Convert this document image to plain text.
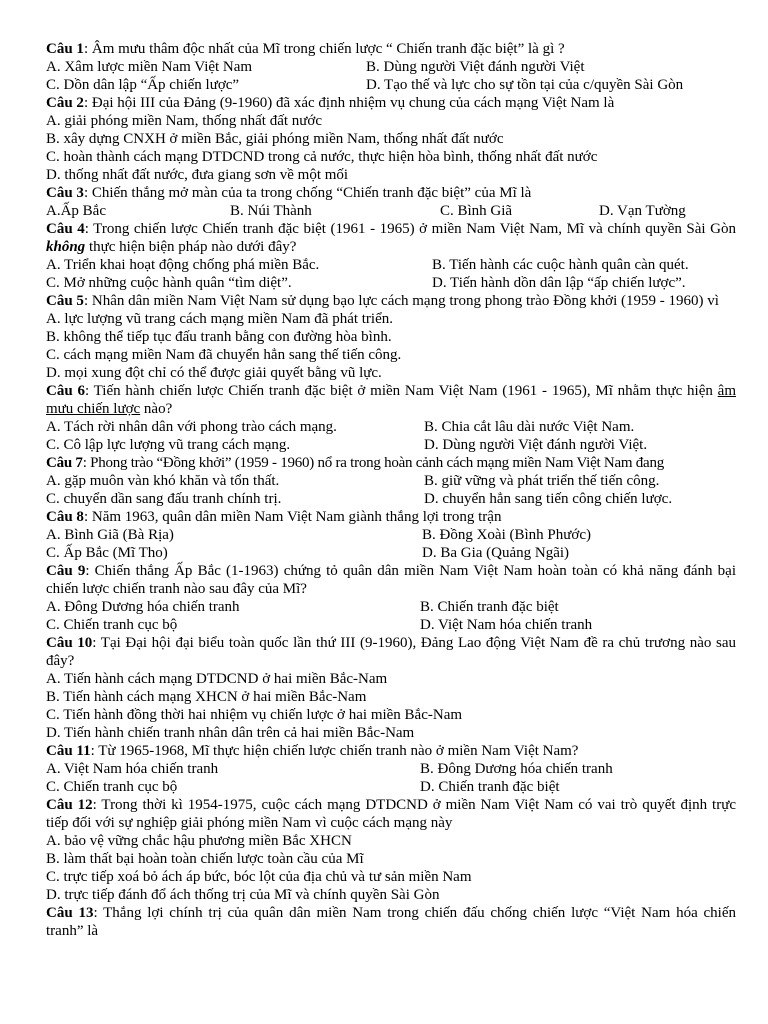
Câu 1: Âm mưu thâm độc nhất của Mĩ trong chiến lược “ Chiến tranh đặc biệt” là gì ?
A. Xâm lược miền Nam Việt Nam	B. Dùng người Việt đánh người Việt
C. Dồn dân lập “Ấp chiến lược”	D. Tạo thế và lực cho sự tồn tại của c/quyền Sài Gòn
Câu 2: Đại hội III của Đảng (9-1960) đã xác định nhiệm vụ chung của cách mạng Việt Nam là
A. giải phóng miền Nam, thống nhất đất nước
B. xây dựng CNXH ở miền Bắc, giải phóng miền Nam, thống nhất đất nước
C. hoàn thành cách mạng DTDCND trong cả nước, thực hiện hòa bình, thống nhất đất nước
D. thống nhất đất nước, đưa giang sơn về một mối
Câu 3: Chiến thắng mở màn của ta trong chống “Chiến tranh đặc biệt” của Mĩ là
A.Ấp Bắc	B. Núi Thành	C. Bình Giã	D. Vạn Tường
Câu 4: Trong chiến lược Chiến tranh đặc biệt (1961 - 1965) ở miền Nam Việt Nam, Mĩ và chính quyền Sài Gòn không thực hiện biện pháp nào dưới đây?
A. Triển khai hoạt động chống phá miền Bắc.	B. Tiến hành các cuộc hành quân càn quét.
C. Mở những cuộc hành quân “tìm diệt”.	D. Tiến hành dồn dân lập “ấp chiến lược”.
Câu 5: Nhân dân miền Nam Việt Nam sử dụng bạo lực cách mạng trong phong trào Đồng khởi (1959 - 1960) vì
A. lực lượng vũ trang cách mạng miền Nam đã phát triển.
B. không thể tiếp tục đấu tranh bằng con đường hòa bình.
C. cách mạng miền Nam đã chuyển hẳn sang thế tiến công.
D. mọi xung đột chỉ có thể được giải quyết bằng vũ lực.
Câu 6: Tiến hành chiến lược Chiến tranh đặc biệt ở miền Nam Việt Nam (1961 - 1965), Mĩ nhằm thực hiện âm mưu chiến lược nào?
A. Tách rời nhân dân với phong trào cách mạng.	B. Chia cắt lâu dài nước Việt Nam.
C. Cô lập lực lượng vũ trang cách mạng.	D. Dùng người Việt đánh người Việt.
Câu 7: Phong trào “Đồng khởi” (1959 - 1960) nổ ra trong hoàn cảnh cách mạng miền Nam Việt Nam đang
A. gặp muôn vàn khó khăn và tổn thất.	B. giữ vững và phát triển thế tiến công.
C. chuyển dần sang đấu tranh chính trị.	D. chuyển hẳn sang tiến công chiến lược.
Câu 8: Năm 1963, quân dân miền Nam Việt Nam giành thắng lợi trong trận
A. Bình Giã (Bà Rịa)	B. Đồng Xoài (Bình Phước)
C. Ấp Bắc (Mĩ Tho)	D. Ba Gia (Quảng Ngãi)
Câu 9: Chiến thắng Ấp Bắc (1-1963) chứng tỏ quân dân miền Nam Việt Nam hoàn toàn có khả năng đánh bại chiến lược chiến tranh nào sau đây của Mĩ?
A. Đông Dương hóa chiến tranh	B. Chiến tranh đặc biệt
C. Chiến tranh cục bộ	D. Việt Nam hóa chiến tranh
Câu 10: Tại Đại hội đại biểu toàn quốc lần thứ III (9-1960), Đảng Lao động Việt Nam đề ra chủ trương nào sau đây?
A. Tiến hành cách mạng DTDCND ở hai miền Bắc-Nam
B. Tiến hành cách mạng XHCN ở hai miền Bắc-Nam
C. Tiến hành đồng thời hai nhiệm vụ chiến lược ở hai miền Bắc-Nam
D. Tiến hành chiến tranh nhân dân trên cả hai miền Bắc-Nam
Câu 11: Từ 1965-1968, Mĩ thực hiện chiến lược chiến tranh nào ở miền Nam Việt Nam?
A. Việt Nam hóa chiến tranh	B. Đông Dương hóa chiến tranh
C. Chiến tranh cục bộ	D. Chiến tranh đặc biệt
Câu 12: Trong thời kì 1954-1975, cuộc cách mạng DTDCND ở miền Nam Việt Nam có vai trò quyết định trực tiếp đối với sự nghiệp giải phóng miền Nam vì cuộc cách mạng này
A. bảo vệ vững chắc hậu phương miền Bắc XHCN
B. làm thất bại hoàn toàn chiến lược toàn cầu của Mĩ
C. trực tiếp xoá bỏ ách áp bức, bóc lột của địa chủ và tư sản miền Nam
D. trực tiếp đánh đổ ách thống trị của Mĩ và chính quyền Sài Gòn
Câu 13: Thắng lợi chính trị của quân dân miền Nam trong chiến đấu chống chiến lược “Việt Nam hóa chiến tranh” là
